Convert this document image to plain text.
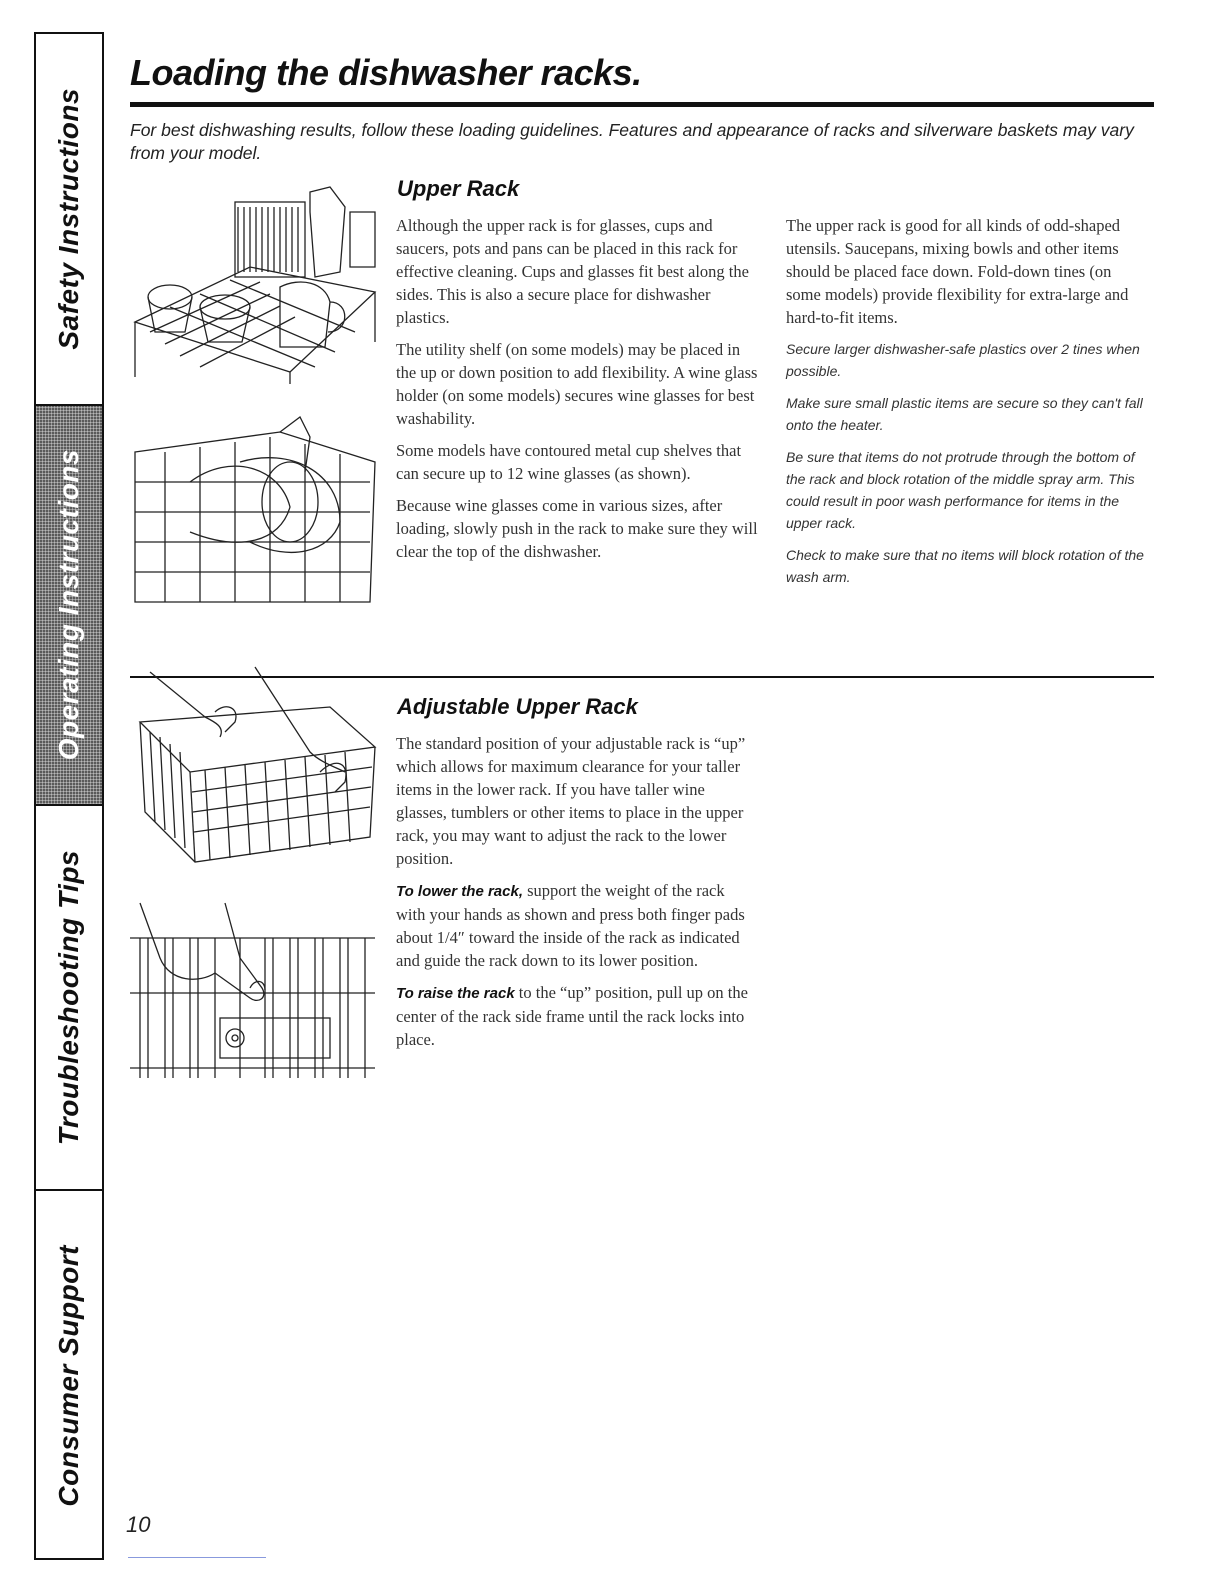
Safety Instructions
Operating Instructions
Troubleshooting Tips
Consumer Support
Loading the dishwasher racks.

For best dishwashing results, follow these loading guidelines. Features and appearance of racks and silverware baskets may vary from your model.

Upper Rack

Although the upper rack is for glasses, cups and saucers, pots and pans can be placed in this rack for effective cleaning. Cups and glasses fit best along the sides. This is also a secure place for dishwasher plastics.

The utility shelf (on some models) may be placed in the up or down position to add flexibility. A wine glass holder (on some models) secures wine glasses for best washability.

Some models have contoured metal cup shelves that can secure up to 12 wine glasses (as shown).

Because wine glasses come in various sizes, after loading, slowly push in the rack to make sure they will clear the top of the dishwasher.

The upper rack is good for all kinds of odd-shaped utensils. Saucepans, mixing bowls and other items should be placed face down. Fold-down tines (on some models) provide flexibility for extra-large and hard-to-fit items.

Secure larger dishwasher-safe plastics over 2 tines when possible.

Make sure small plastic items are secure so they can't fall onto the heater.

Be sure that items do not protrude through the bottom of the rack and block rotation of the middle spray arm. This could result in poor wash performance for items in the upper rack.

Check to make sure that no items will block rotation of the wash arm.

Adjustable Upper Rack

The standard position of your adjustable rack is “up” which allows for maximum clearance for your taller items in the lower rack. If you have taller wine glasses, tumblers or other items to place in the upper rack, you may want to adjust the rack to the lower position.

To lower the rack, support the weight of the rack with your hands as shown and press both finger pads about 1/4″ toward the inside of the rack as indicated and guide the rack down to its lower position.

To raise the rack to the “up” position, pull up on the center of the rack side frame until the rack locks into place.

10
